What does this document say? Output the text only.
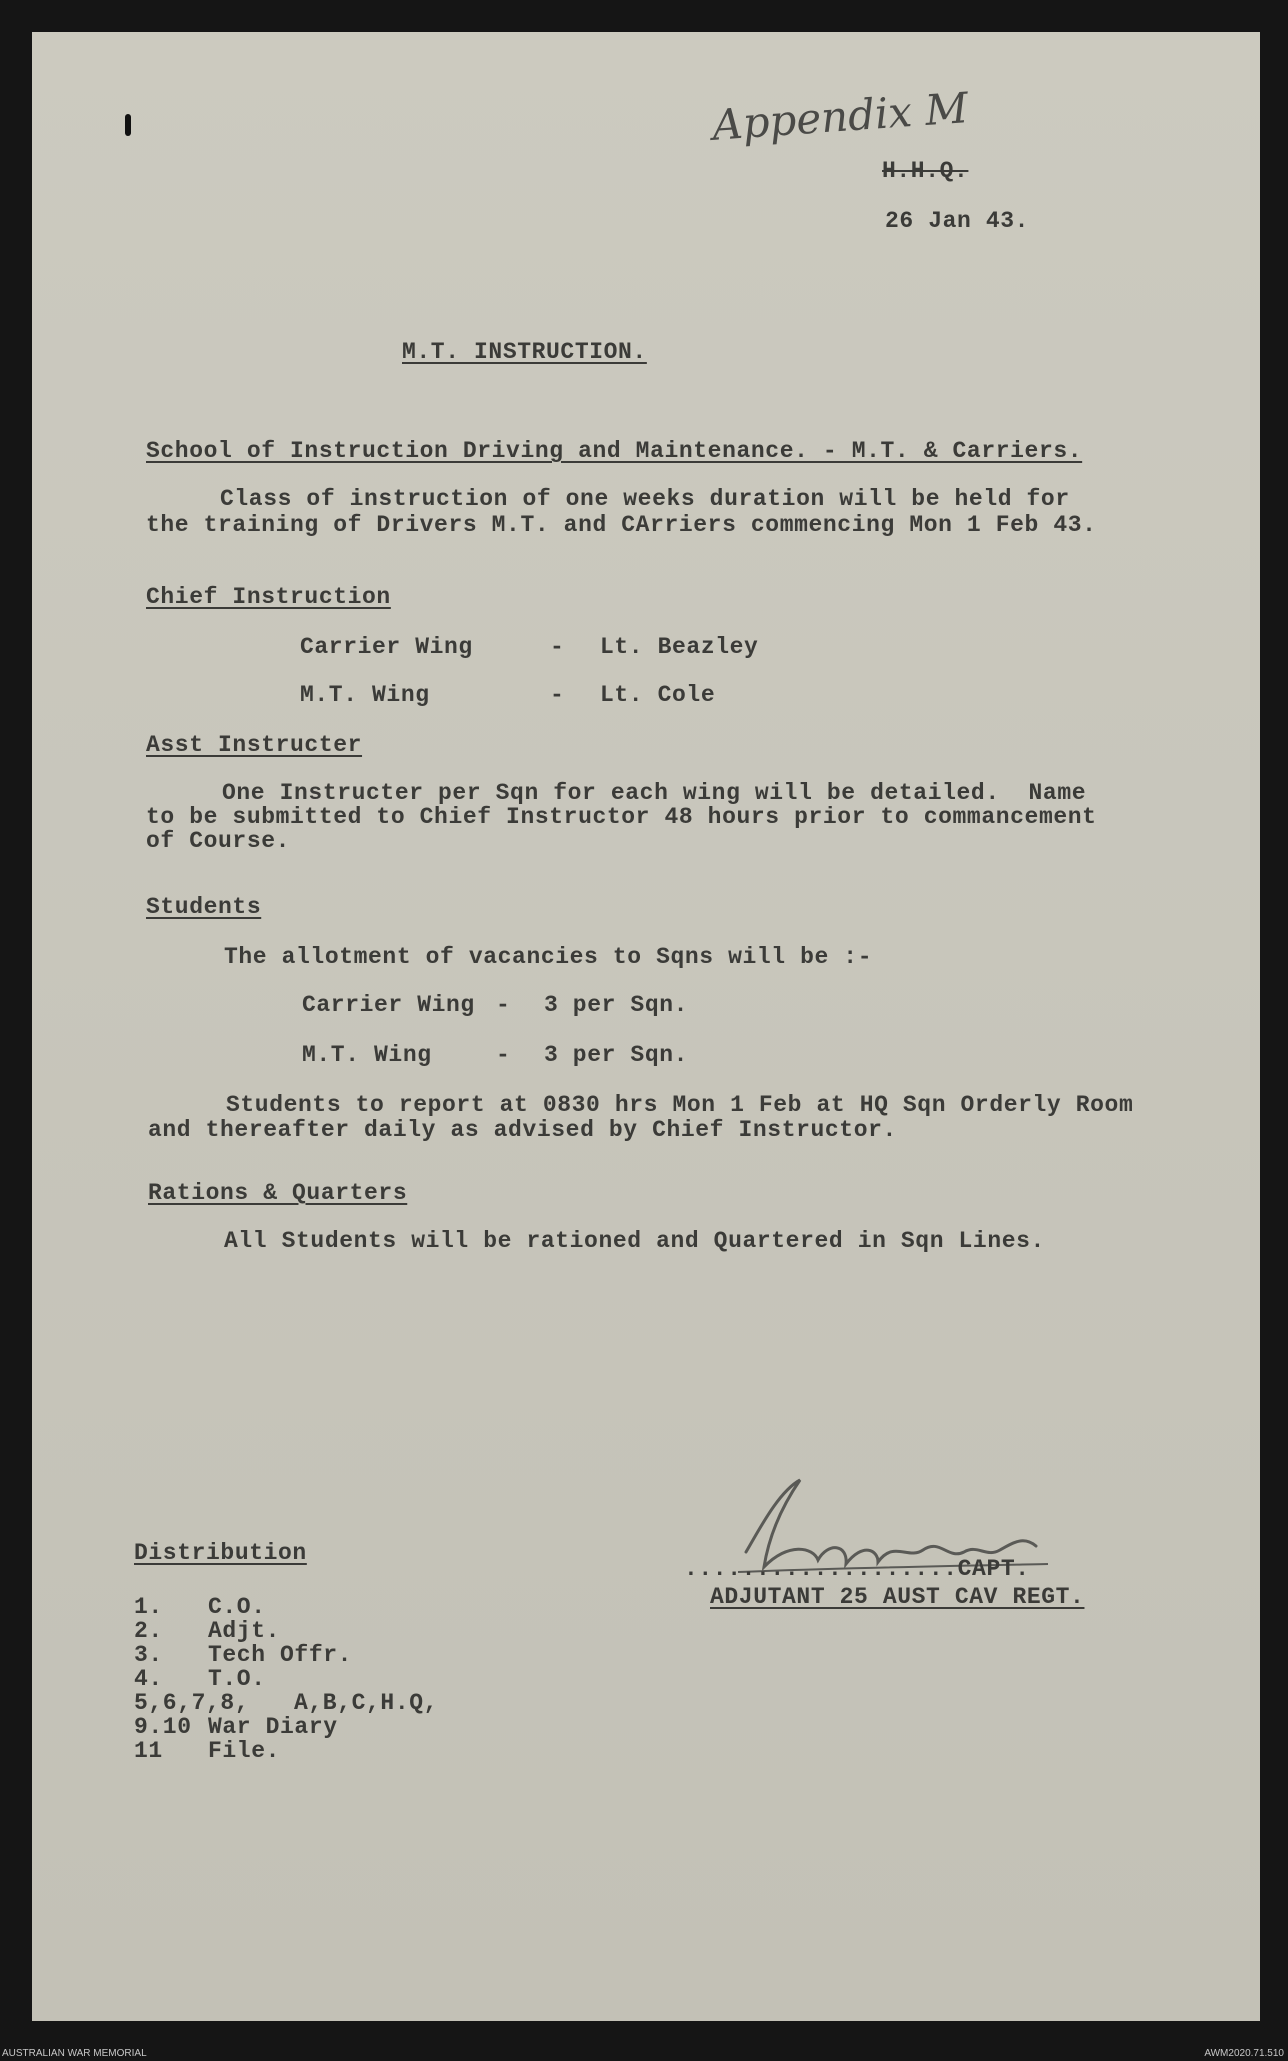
Appendix M
H.H.Q.
26 Jan 43.
M.T. INSTRUCTION.
School of Instruction Driving and Maintenance. - M.T. & Carriers.
Class of instruction of one weeks duration will be held for
the training of Drivers M.T. and CArriers commencing Mon 1 Feb 43.
Chief Instruction
Carrier Wing	- Lt. Beazley
M.T. Wing	- Lt. Cole
Asst Instructer
One Instructer per Sqn for each wing will be detailed.  Name
to be submitted to Chief Instructor 48 hours prior to commancement
of Course.
Students
The allotment of vacancies to Sqns will be :-
Carrier Wing - 3 per Sqn.
M.T. Wing	- 3 per Sqn.
Students to report at 0830 hrs Mon 1 Feb at HQ Sqn Orderly Room
and thereafter daily as advised by Chief Instructor.
Rations & Quarters
All Students will be rationed and Quartered in Sqn Lines.
...................CAPT.
ADJUTANT 25 AUST CAV REGT.
Distribution
1. C.O.
2. Adjt.
3. Tech Offr.
4. T.O.
5,6,7,8, A,B,C,H.Q,
9.10 War Diary
11 File.
AUSTRALIAN WAR MEMORIAL	AWM2020.71.510
